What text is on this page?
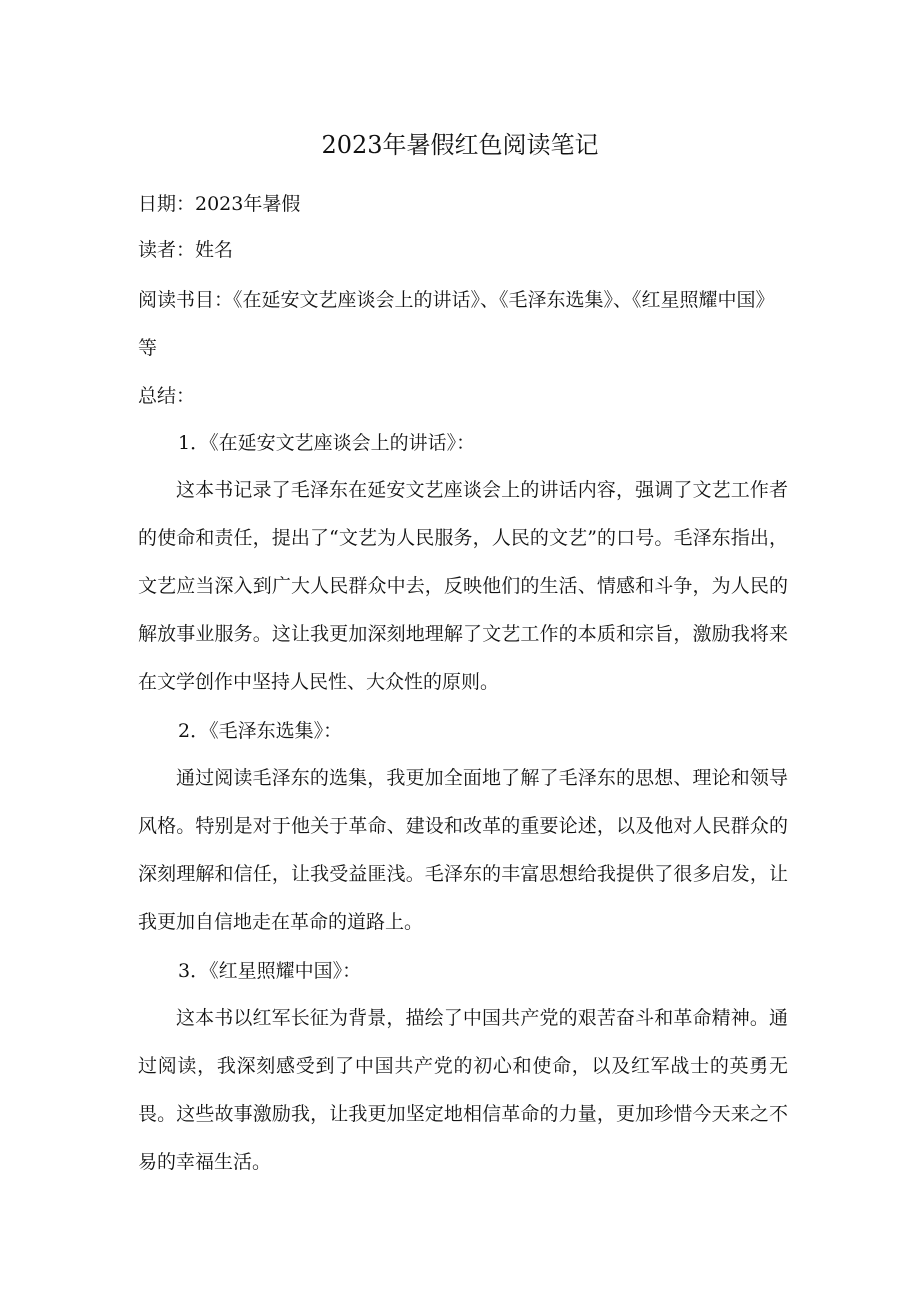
2023年暑假红色阅读笔记

日期：2023年暑假

读者：姓名

阅读书目：《在延安文艺座谈会上的讲话》、《毛泽东选集》、《红星照耀中国》等

总结：

1．《在延安文艺座谈会上的讲话》：

这本书记录了毛泽东在延安文艺座谈会上的讲话内容，强调了文艺工作者的使命和责任，提出了“文艺为人民服务，人民的文艺”的口号。毛泽东指出，文艺应当深入到广大人民群众中去，反映他们的生活、情感和斗争，为人民的解放事业服务。这让我更加深刻地理解了文艺工作的本质和宗旨，激励我将来在文学创作中坚持人民性、大众性的原则。

2．《毛泽东选集》：

通过阅读毛泽东的选集，我更加全面地了解了毛泽东的思想、理论和领导风格。特别是对于他关于革命、建设和改革的重要论述，以及他对人民群众的深刻理解和信任，让我受益匪浅。毛泽东的丰富思想给我提供了很多启发，让我更加自信地走在革命的道路上。

3．《红星照耀中国》：

这本书以红军长征为背景，描绘了中国共产党的艰苦奋斗和革命精神。通过阅读，我深刻感受到了中国共产党的初心和使命，以及红军战士的英勇无畏。这些故事激励我，让我更加坚定地相信革命的力量，更加珍惜今天来之不易的幸福生活。
